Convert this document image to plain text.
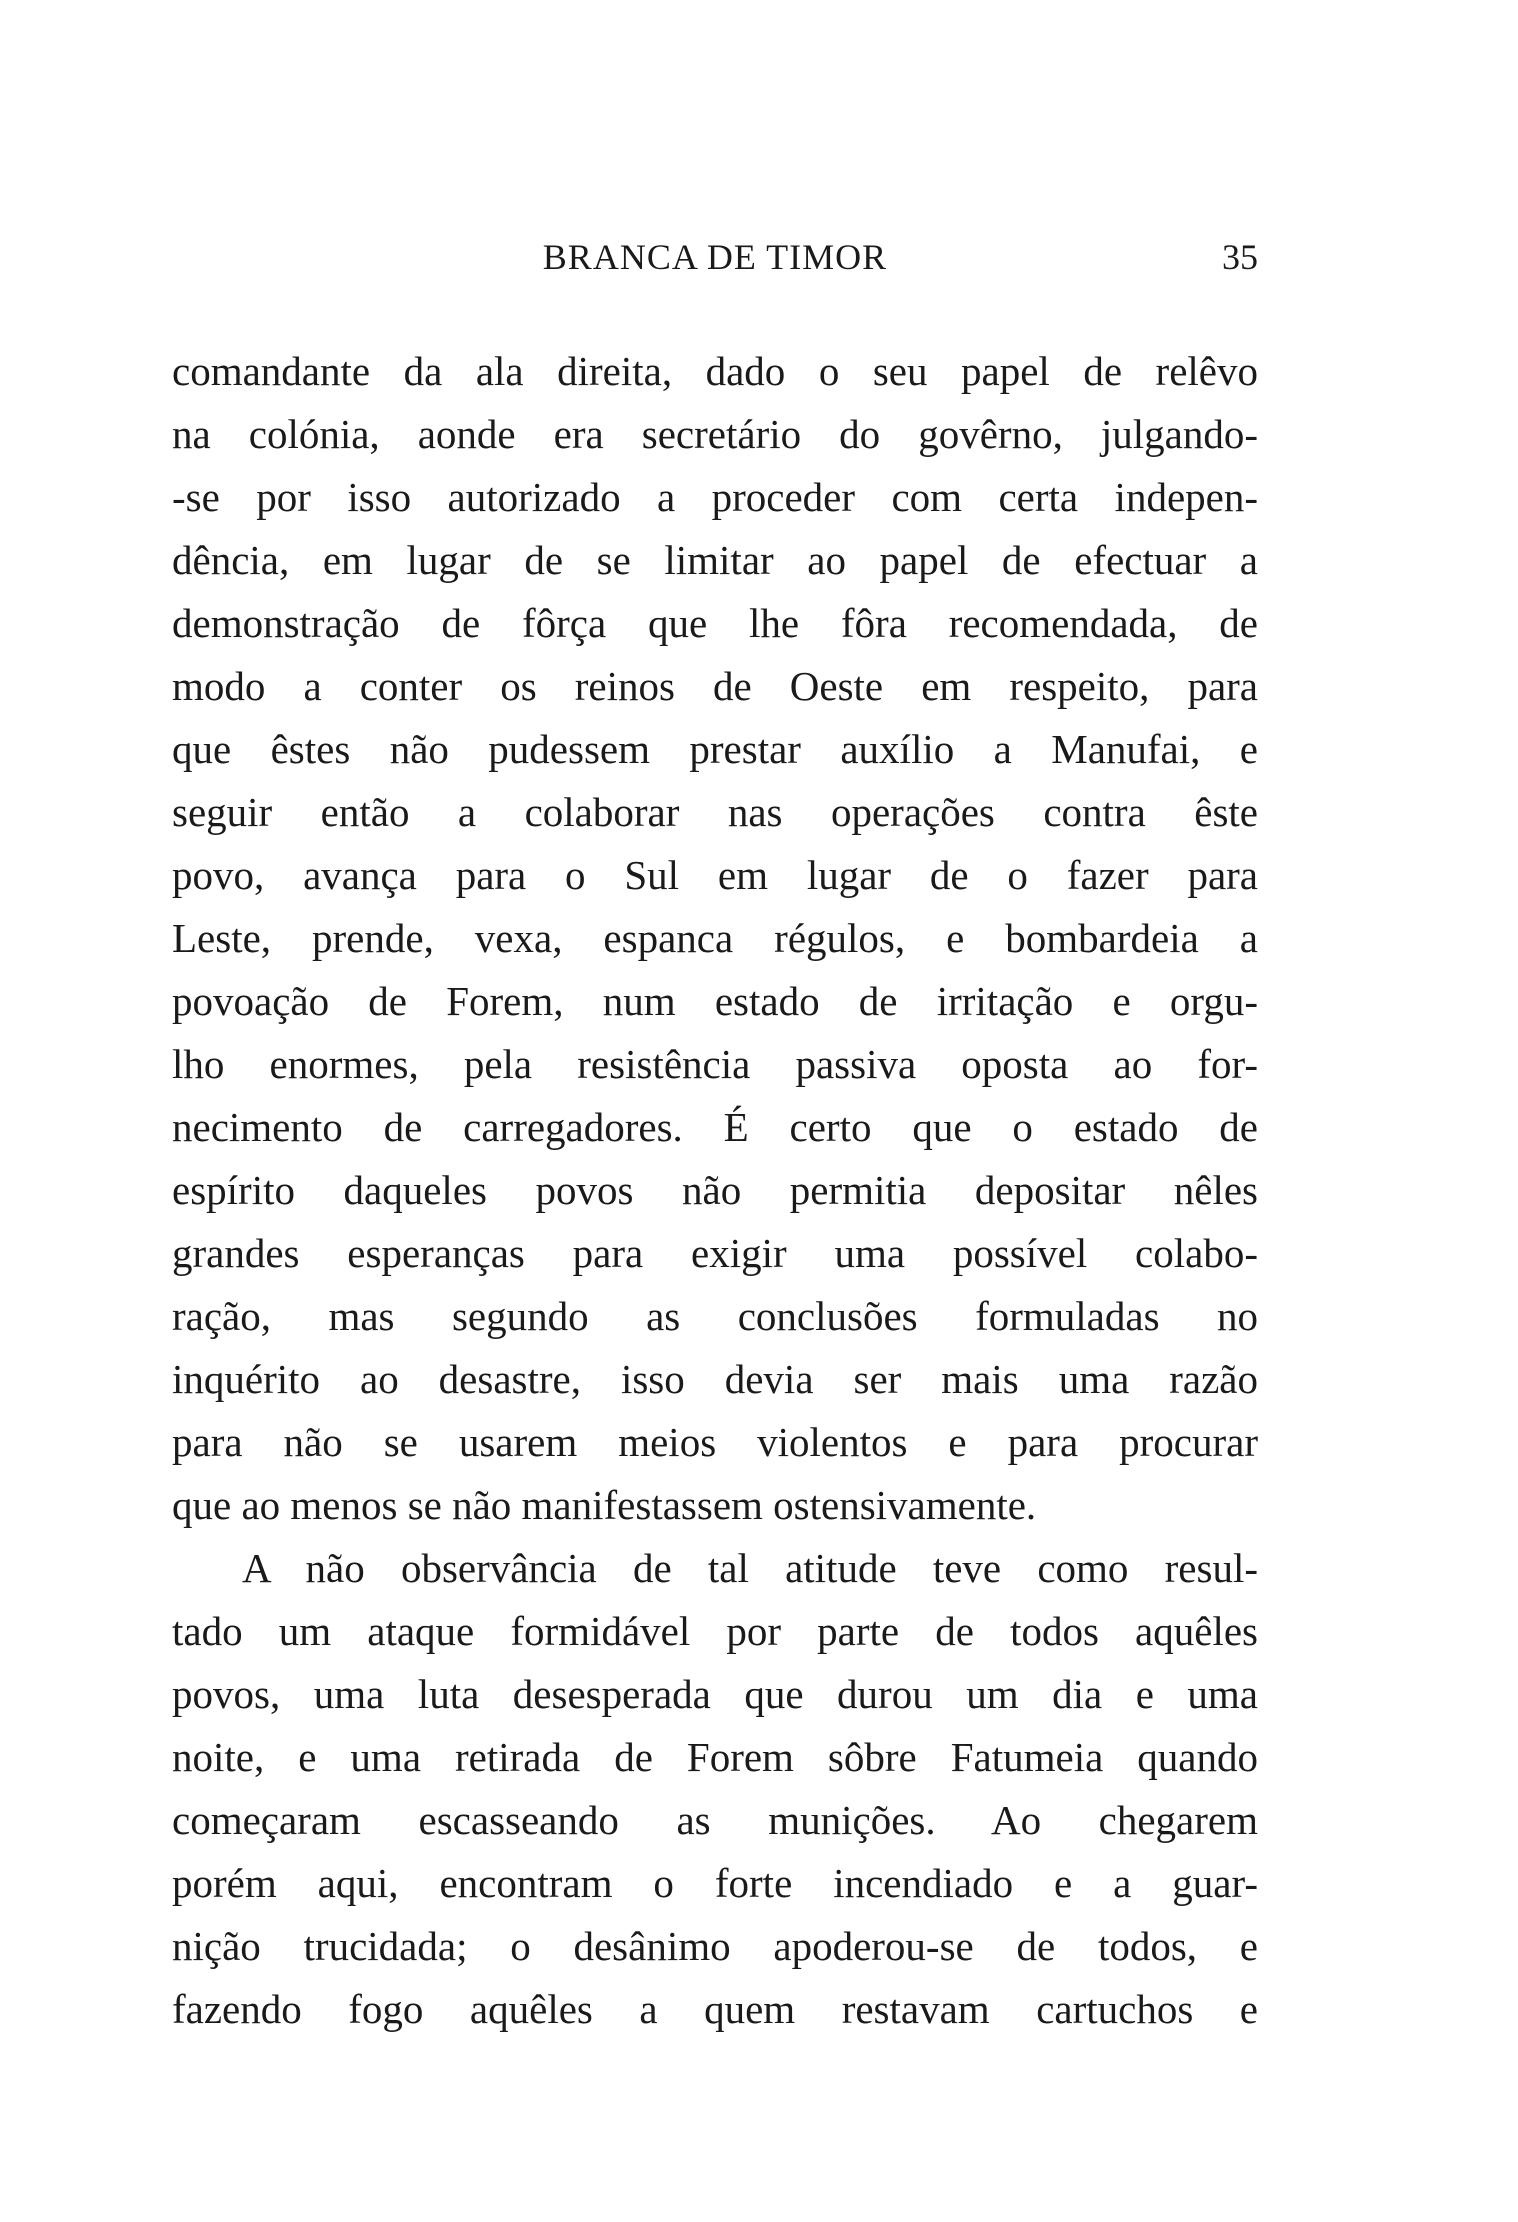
BRANCA DE TIMOR	35
comandante da ala direita, dado o seu papel de relêvo
na colónia, aonde era secretário do govêrno, julgando-
-se por isso autorizado a proceder com certa indepen-
dência, em lugar de se limitar ao papel de efectuar a
demonstração de fôrça que lhe fôra recomendada, de
modo a conter os reinos de Oeste em respeito, para
que êstes não pudessem prestar auxílio a Manufai, e
seguir então a colaborar nas operações contra êste
povo, avança para o Sul em lugar de o fazer para
Leste, prende, vexa, espanca régulos, e bombardeia a
povoação de Forem, num estado de irritação e orgu-
lho enormes, pela resistência passiva oposta ao for-
necimento de carregadores. É certo que o estado de
espírito daqueles povos não permitia depositar nêles
grandes esperanças para exigir uma possível colabo-
ração, mas segundo as conclusões formuladas no
inquérito ao desastre, isso devia ser mais uma razão
para não se usarem meios violentos e para procurar
que ao menos se não manifestassem ostensivamente.
A não observância de tal atitude teve como resul-
tado um ataque formidável por parte de todos aquêles
povos, uma luta desesperada que durou um dia e uma
noite, e uma retirada de Forem sôbre Fatumeia quando
começaram escasseando as munições. Ao chegarem
porém aqui, encontram o forte incendiado e a guar-
nição trucidada; o desânimo apoderou-se de todos, e
fazendo fogo aquêles a quem restavam cartuchos e
